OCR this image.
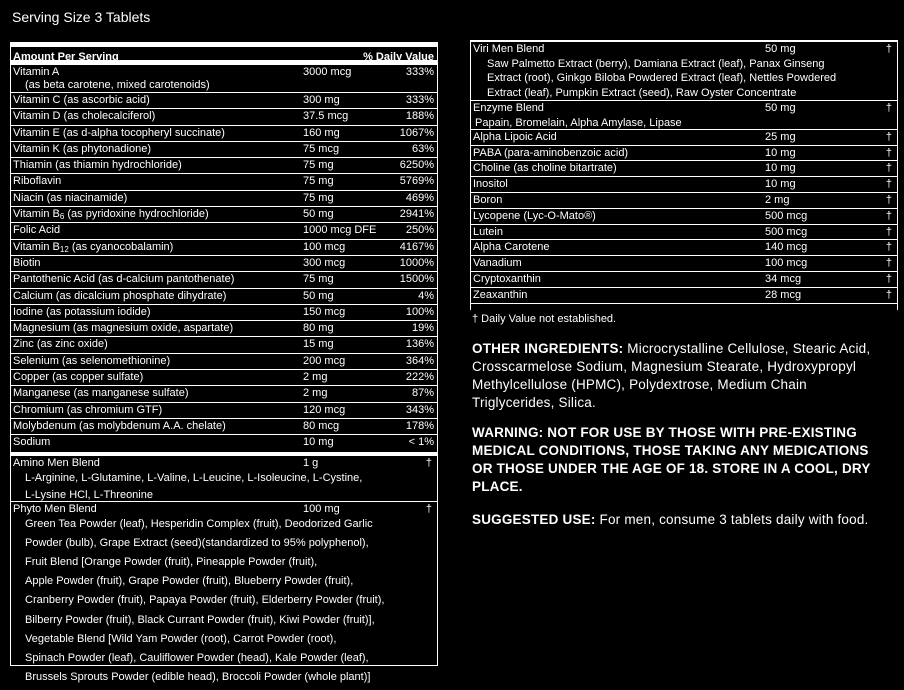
Serving Size 3 Tablets
Amount Per Serving	% Daily Value
Vitamin A	3000 mcg	333%
(as beta carotene, mixed carotenoids)
Vitamin C (as ascorbic acid)	300 mg	333%
Vitamin D (as cholecalciferol)	37.5 mcg	188%
Vitamin E (as d-alpha tocopheryl succinate)	160 mg	1067%
Vitamin K (as phytonadione)	75 mcg	63%
Thiamin (as thiamin hydrochloride)	75 mg	6250%
Riboflavin	75 mg	5769%
Niacin (as niacinamide)	75 mg	469%
Vitamin $B_6$ (as pyridoxine hydrochloride)	50 mg	2941%
Folic Acid	1000 mcg DFE	250%
Vitamin $B_{12}$ (as cyanocobalamin)	100 mcg	4167%
Biotin	300 mcg	1000%
Pantothenic Acid (as d-calcium pantothenate)	75 mg	1500%
Calcium (as dicalcium phosphate dihydrate)	50 mg	4%
Iodine (as potassium iodide)	150 mcg	100%
Magnesium (as magnesium oxide, aspartate)	80 mg	19%
Zinc (as zinc oxide)	15 mg	136%
Selenium (as selenomethionine)	200 mcg	364%
Copper (as copper sulfate)	2 mg	222%
Manganese (as manganese sulfate)	2 mg	87%
Chromium (as chromium GTF)	120 mcg	343%
Molybdenum (as molybdenum A.A. chelate)	80 mcg	178%
Sodium	10 mg	< 1%
Amino Men Blend	1 g	†
L-Arginine, L-Glutamine, L-Valine, L-Leucine, L-Isoleucine, L-Cystine,
L-Lysine HCl, L-Threonine
Phyto Men Blend	100 mg	†
Green Tea Powder (leaf), Hesperidin Complex (fruit), Deodorized Garlic
Powder (bulb), Grape Extract (seed)(standardized to 95% polyphenol),
Fruit Blend [Orange Powder (fruit), Pineapple Powder (fruit),
Apple Powder (fruit), Grape Powder (fruit), Blueberry Powder (fruit),
Cranberry Powder (fruit), Papaya Powder (fruit), Elderberry Powder (fruit),
Bilberry Powder (fruit), Black Currant Powder (fruit), Kiwi Powder (fruit)],
Vegetable Blend [Wild Yam Powder (root), Carrot Powder (root),
Spinach Powder (leaf), Cauliflower Powder (head), Kale Powder (leaf),
Brussels Sprouts Powder (edible head), Broccoli Powder (whole plant)]
Viri Men Blend	50 mg	†
Saw Palmetto Extract (berry), Damiana Extract (leaf), Panax Ginseng
Extract (root), Ginkgo Biloba Powdered Extract (leaf), Nettles Powdered
Extract (leaf), Pumpkin Extract (seed), Raw Oyster Concentrate
Enzyme Blend	50 mg	†
Papain, Bromelain, Alpha Amylase, Lipase
Alpha Lipoic Acid	25 mg	†
PABA (para-aminobenzoic acid)	10 mg	†
Choline (as choline bitartrate)	10 mg	†
Inositol	10 mg	†
Boron	2 mg	†
Lycopene (Lyc-O-Mato®)	500 mcg	†
Lutein	500 mcg	†
Alpha Carotene	140 mcg	†
Vanadium	100 mcg	†
Cryptoxanthin	34 mcg	†
Zeaxanthin	28 mcg	†
† Daily Value not established.
OTHER INGREDIENTS: Microcrystalline Cellulose, Stearic Acid, Crosscarmelose Sodium, Magnesium Stearate, Hydroxypropyl Methylcellulose (HPMC), Polydextrose, Medium Chain Triglycerides, Silica.
WARNING: NOT FOR USE BY THOSE WITH PRE-EXISTING MEDICAL CONDITIONS, THOSE TAKING ANY MEDICATIONS OR THOSE UNDER THE AGE OF 18. STORE IN A COOL, DRY PLACE.
SUGGESTED USE: For men, consume 3 tablets daily with food.
